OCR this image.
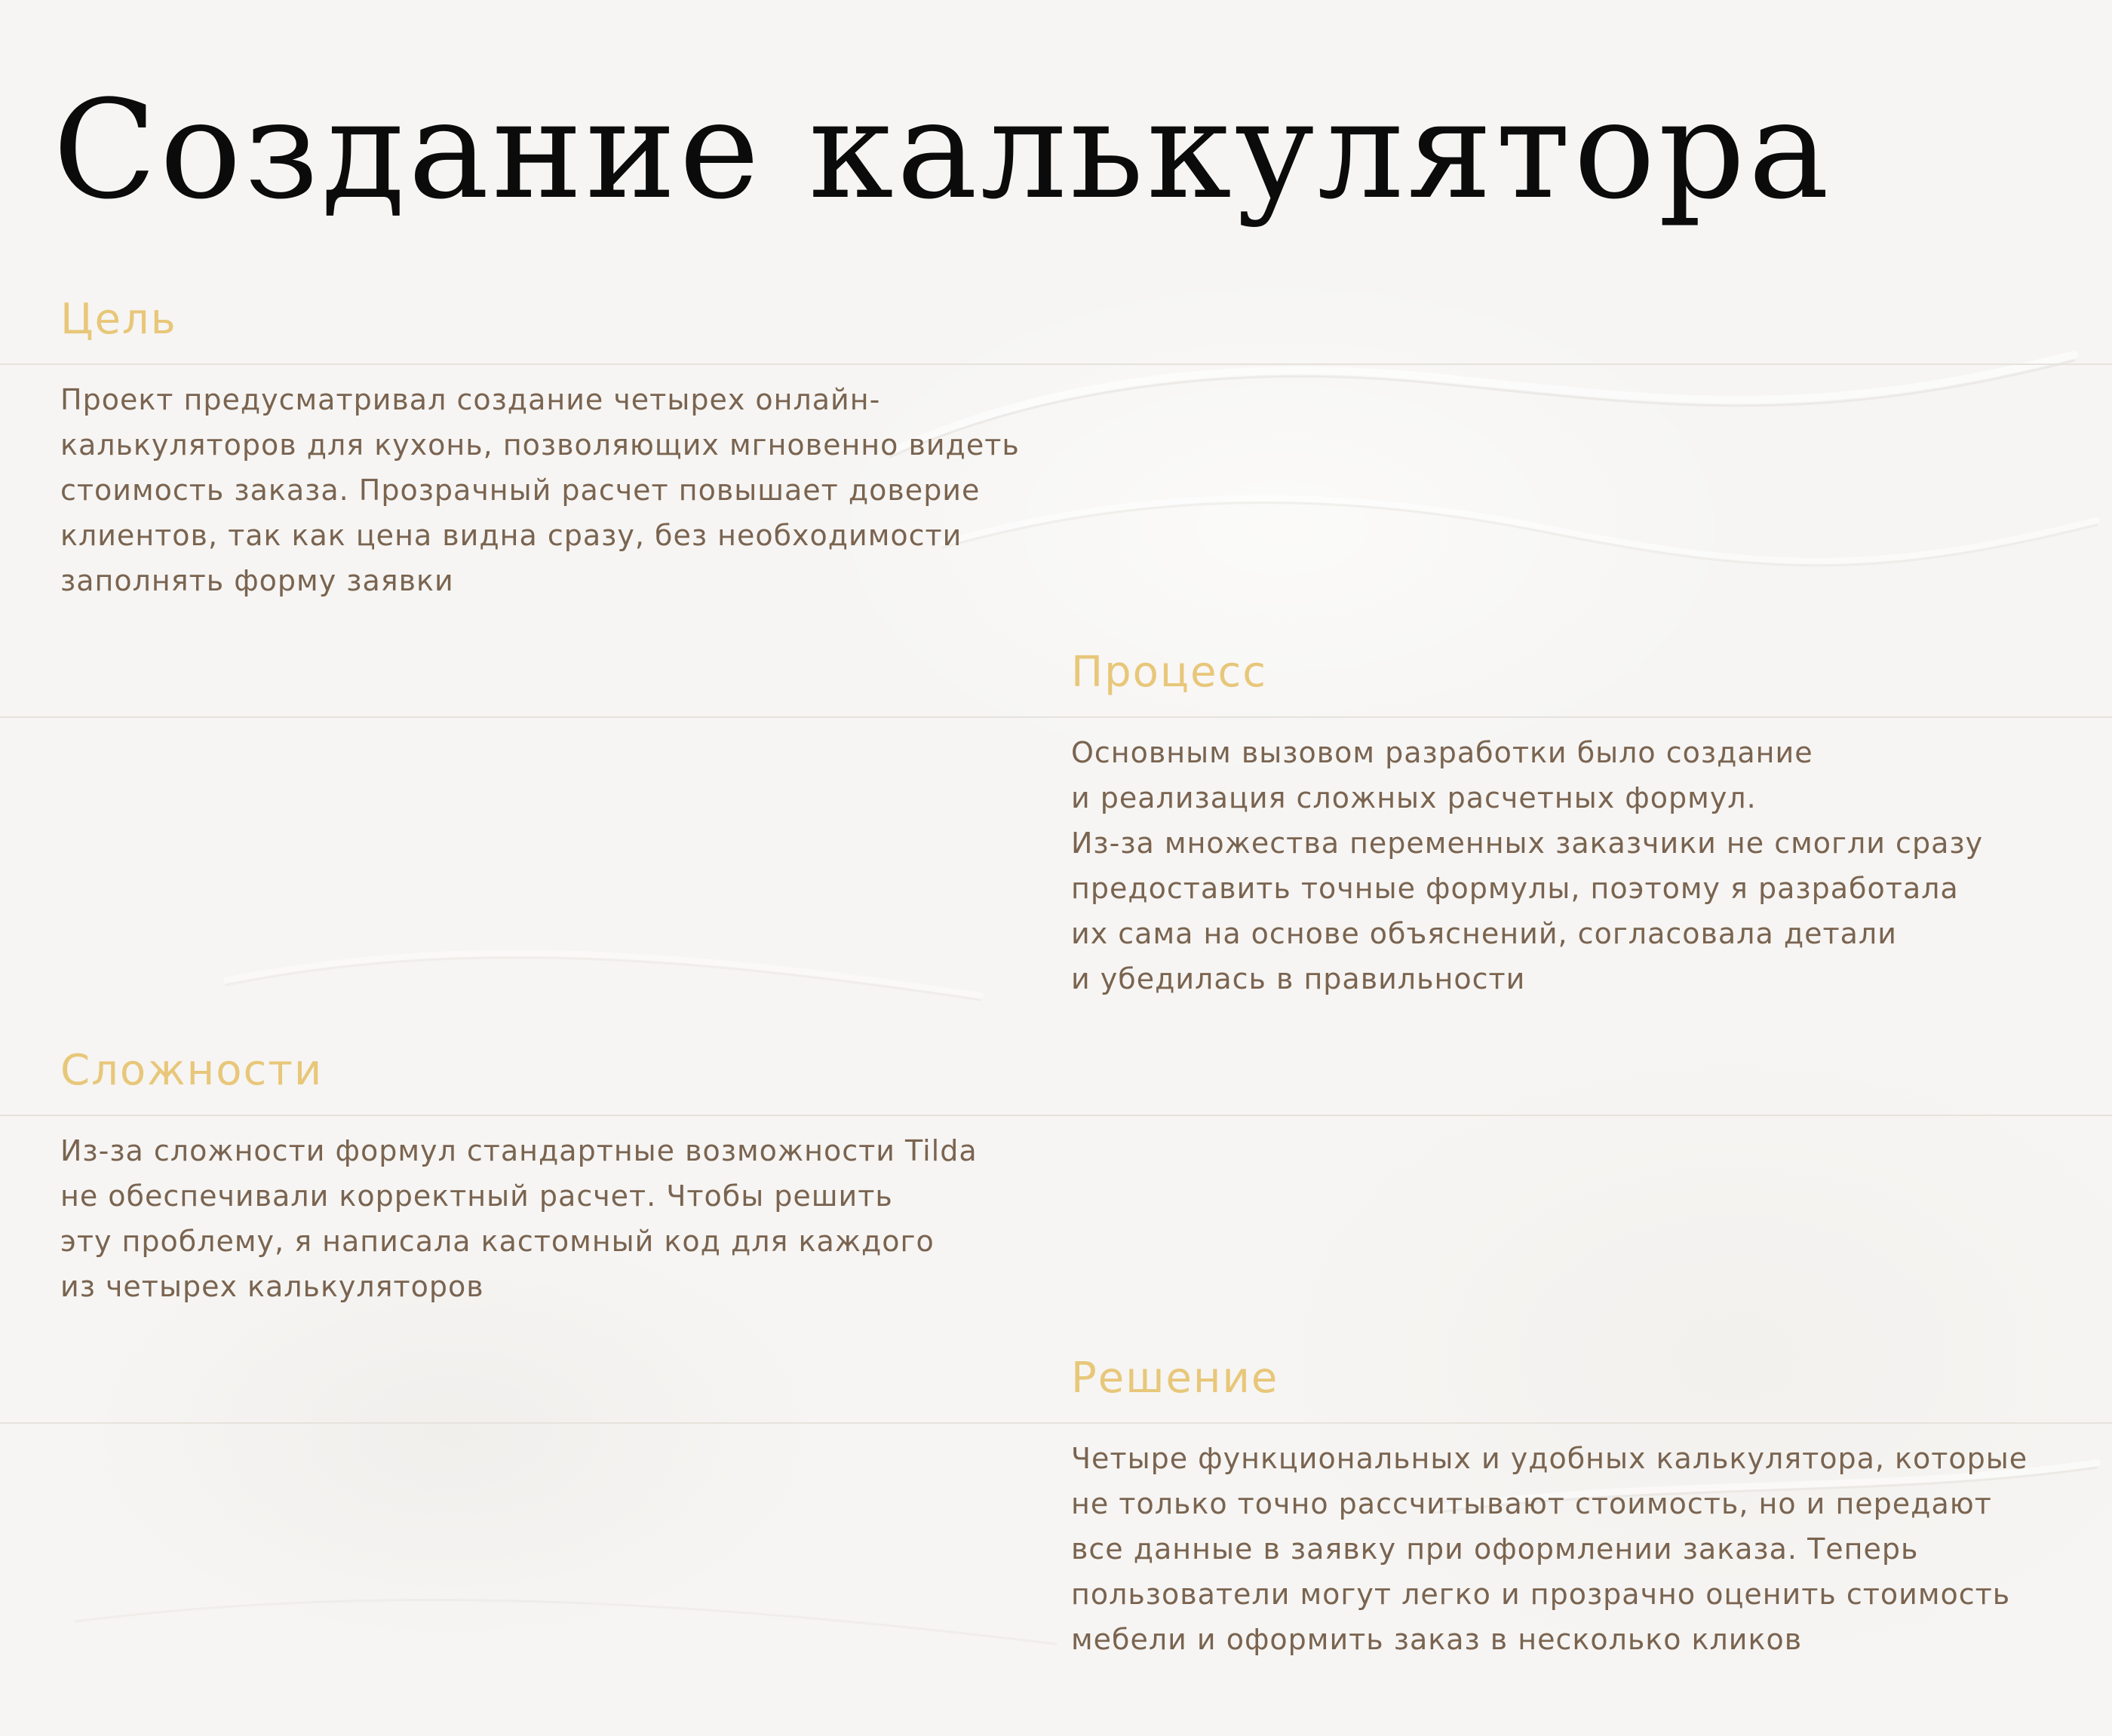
Создание калькулятора
Цель

Проект предусматривал создание четырех онлайн-
калькуляторов для кухонь, позволяющих мгновенно видеть
стоимость заказа. Прозрачный расчет повышает доверие
клиентов, так как цена видна сразу, без необходимости
заполнять форму заявки

Процесс

Основным вызовом разработки было создание
и реализация сложных расчетных формул.
Из-за множества переменных заказчики не смогли сразу
предоставить точные формулы, поэтому я разработала
их сама на основе объяснений, согласовала детали
и убедилась в правильности

Сложности

Из-за сложности формул стандартные возможности Tilda
не обеспечивали корректный расчет. Чтобы решить
эту проблему, я написала кастомный код для каждого
из четырех калькуляторов

Решение

Четыре функциональных и удобных калькулятора, которые
не только точно рассчитывают стоимость, но и передают
все данные в заявку при оформлении заказа. Теперь
пользователи могут легко и прозрачно оценить стоимость
мебели и оформить заказ в несколько кликов
